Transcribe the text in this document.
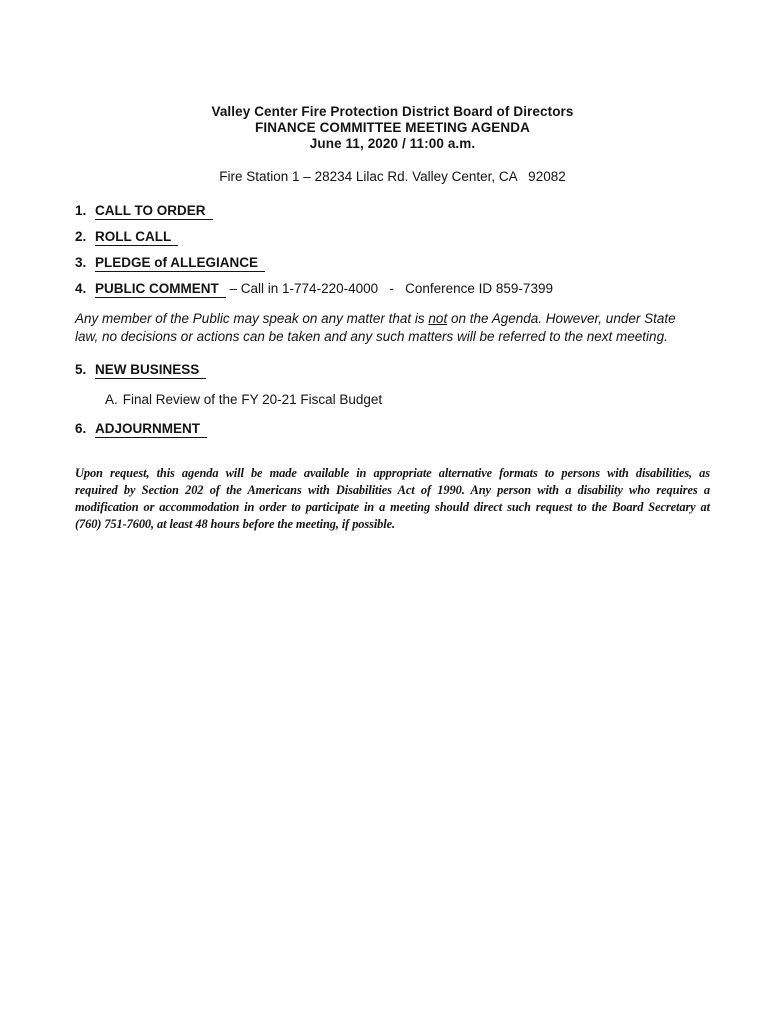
Valley Center Fire Protection District Board of Directors
FINANCE COMMITTEE MEETING AGENDA
June 11, 2020 / 11:00 a.m.
Fire Station 1 – 28234 Lilac Rd. Valley Center, CA   92082
1. CALL TO ORDER
2. ROLL CALL
3. PLEDGE of ALLEGIANCE
4. PUBLIC COMMENT – Call in 1-774-220-4000   -   Conference ID 859-7399
Any member of the Public may speak on any matter that is not on the Agenda. However, under State
law, no decisions or actions can be taken and any such matters will be referred to the next meeting.
5. NEW BUSINESS
A. Final Review of the FY 20-21 Fiscal Budget
6. ADJOURNMENT
Upon request, this agenda will be made available in appropriate alternative formats to persons with disabilities, as
required by Section 202 of the Americans with Disabilities Act of 1990. Any person with a disability who requires a
modification or accommodation in order to participate in a meeting should direct such request to the Board Secretary at
(760) 751-7600, at least 48 hours before the meeting, if possible.
